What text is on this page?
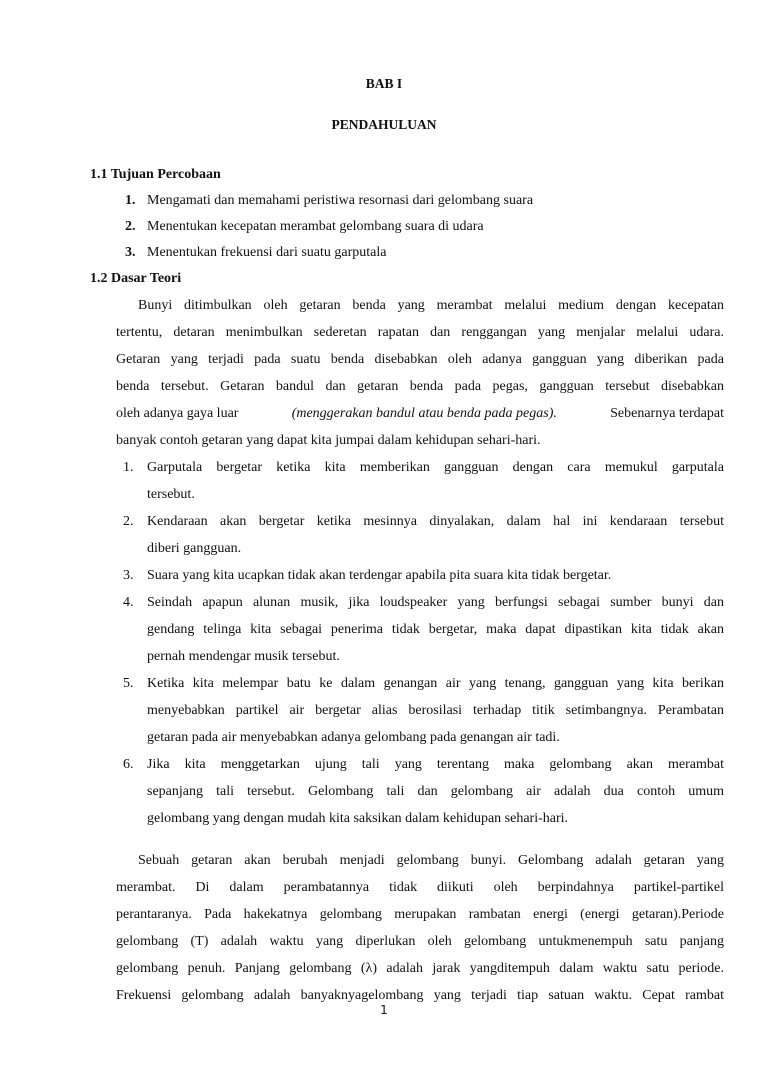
BAB I
PENDAHULUAN
1.1 Tujuan Percobaan
1. Mengamati dan memahami peristiwa resornasi dari gelombang suara
2. Menentukan kecepatan merambat gelombang suara di udara
3. Menentukan frekuensi dari suatu garputala
1.2 Dasar Teori
Bunyi ditimbulkan oleh getaran benda yang merambat melalui medium dengan kecepatan
tertentu, detaran menimbulkan sederetan rapatan dan renggangan yang menjalar melalui udara.
Getaran yang terjadi pada suatu benda disebabkan oleh adanya gangguan yang diberikan pada
benda tersebut. Getaran bandul dan getaran benda pada pegas, gangguan tersebut disebabkan
oleh adanya gaya luar	(menggerakan bandul atau benda pada pegas).	Sebenarnya terdapat
banyak contoh getaran yang dapat kita jumpai dalam kehidupan sehari-hari.
1. Garputala bergetar ketika kita memberikan gangguan dengan cara memukul garputala
tersebut.
2. Kendaraan akan bergetar ketika mesinnya dinyalakan, dalam hal ini kendaraan tersebut
diberi gangguan.
3. Suara yang kita ucapkan tidak akan terdengar apabila pita suara kita tidak bergetar.
4. Seindah apapun alunan musik, jika loudspeaker yang berfungsi sebagai sumber bunyi dan
gendang telinga kita sebagai penerima tidak bergetar, maka dapat dipastikan kita tidak akan
pernah mendengar musik tersebut.
5. Ketika kita melempar batu ke dalam genangan air yang tenang, gangguan yang kita berikan
menyebabkan partikel air bergetar alias berosilasi terhadap titik setimbangnya. Perambatan
getaran pada air menyebabkan adanya gelombang pada genangan air tadi.
6. Jika kita menggetarkan ujung tali yang terentang maka gelombang akan merambat
sepanjang tali tersebut. Gelombang tali dan gelombang air adalah dua contoh umum
gelombang yang dengan mudah kita saksikan dalam kehidupan sehari-hari.
Sebuah getaran akan berubah menjadi gelombang bunyi. Gelombang adalah getaran yang
merambat. Di dalam perambatannya tidak diikuti oleh berpindahnya partikel-partikel
perantaranya. Pada hakekatnya gelombang merupakan rambatan energi (energi getaran).Periode
gelombang (T) adalah waktu yang diperlukan oleh gelombang untukmenempuh satu panjang
gelombang penuh. Panjang gelombang (λ) adalah jarak yangditempuh dalam waktu satu periode.
Frekuensi gelombang adalah banyaknyagelombang yang terjadi tiap satuan waktu. Cepat rambat
1
